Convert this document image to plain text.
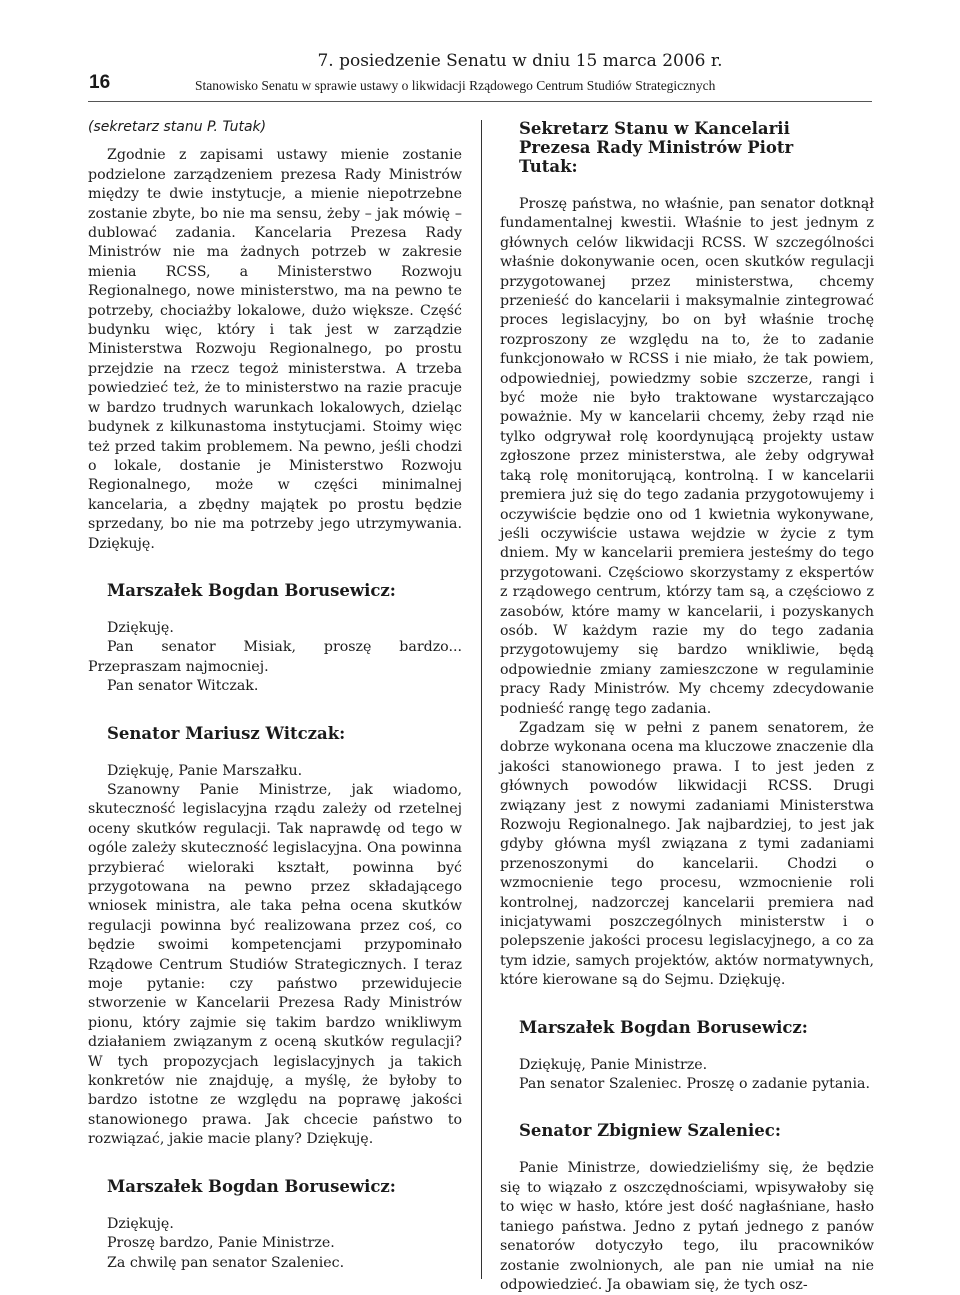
16
7. posiedzenie Senatu w dniu 15 marca 2006 r.
Stanowisko Senatu w sprawie ustawy o likwidacji Rządowego Centrum Studiów Strategicznych

(sekretarz stanu P. Tutak)

Zgodnie z zapisami ustawy mienie zostanie podzielone zarządzeniem prezesa Rady Ministrów między te dwie instytucje, a mienie niepotrzebne zostanie zbyte, bo nie ma sensu, żeby – jak mówię – dublować zadania. Kancelaria Prezesa Rady Ministrów nie ma żadnych potrzeb w zakresie mienia RCSS, a Ministerstwo Rozwoju Regionalnego, nowe ministerstwo, ma na pewno te potrzeby, chociażby lokalowe, dużo większe. Część budynku więc, który i tak jest w zarządzie Ministerstwa Rozwoju Regionalnego, po prostu przejdzie na rzecz tegoż ministerstwa. A trzeba powiedzieć też, że to ministerstwo na razie pracuje w bardzo trudnych warunkach lokalowych, dzieląc budynek z kilkunastoma instytucjami. Stoimy więc też przed takim problemem. Na pewno, jeśli chodzi o lokale, dostanie je Ministerstwo Rozwoju Regionalnego, może w części minimalnej kancelaria, a zbędny majątek po prostu będzie sprzedany, bo nie ma potrzeby jego utrzymywania. Dziękuję.

Marszałek Bogdan Borusewicz:

Dziękuję.

Pan senator Misiak, proszę bardzo... Przepraszam najmocniej.

Pan senator Witczak.

Senator Mariusz Witczak:

Dziękuję, Panie Marszałku.

Szanowny Panie Ministrze, jak wiadomo, skuteczność legislacyjna rządu zależy od rzetelnej oceny skutków regulacji. Tak naprawdę od tego w ogóle zależy skuteczność legislacyjna. Ona powinna przybierać wieloraki kształt, powinna być przygotowana na pewno przez składającego wniosek ministra, ale taka pełna ocena skutków regulacji powinna być realizowana przez coś, co będzie swoimi kompetencjami przypominało Rządowe Centrum Studiów Strategicznych. I teraz moje pytanie: czy państwo przewidujecie stworzenie w Kancelarii Prezesa Rady Ministrów pionu, który zajmie się takim bardzo wnikliwym działaniem związanym z oceną skutków regulacji? W tych propozycjach legislacyjnych ja takich konkretów nie znajduję, a myślę, że byłoby to bardzo istotne ze względu na poprawę jakości stanowionego prawa. Jak chcecie państwo to rozwiązać, jakie macie plany? Dziękuję.

Marszałek Bogdan Borusewicz:

Dziękuję.

Proszę bardzo, Panie Ministrze.

Za chwilę pan senator Szaleniec.

Sekretarz Stanu w Kancelarii Prezesa Rady Ministrów Piotr Tutak:

Proszę państwa, no właśnie, pan senator dotknął fundamentalnej kwestii. Właśnie to jest jednym z głównych celów likwidacji RCSS. W szczególności właśnie dokonywanie ocen, ocen skutków regulacji przygotowanej przez ministerstwa, chcemy przenieść do kancelarii i maksymalnie zintegrować proces legislacyjny, bo on był właśnie trochę rozproszony ze względu na to, że to zadanie funkcjonowało w RCSS i nie miało, że tak powiem, odpowiedniej, powiedzmy sobie szczerze, rangi i być może nie było traktowane wystarczająco poważnie. My w kancelarii chcemy, żeby rząd nie tylko odgrywał rolę koordynującą projekty ustaw zgłoszone przez ministerstwa, ale żeby odgrywał taką rolę monitorującą, kontrolną. I w kancelarii premiera już się do tego zadania przygotowujemy i oczywiście będzie ono od 1 kwietnia wykonywane, jeśli oczywiście ustawa wejdzie w życie z tym dniem. My w kancelarii premiera jesteśmy do tego przygotowani. Częściowo skorzystamy z ekspertów z rządowego centrum, którzy tam są, a częściowo z zasobów, które mamy w kancelarii, i pozyskanych osób. W każdym razie my do tego zadania przygotowujemy się bardzo wnikliwie, będą odpowiednie zmiany zamieszczone w regulaminie pracy Rady Ministrów. My chcemy zdecydowanie podnieść rangę tego zadania.

Zgadzam się w pełni z panem senatorem, że dobrze wykonana ocena ma kluczowe znaczenie dla jakości stanowionego prawa. I to jest jeden z głównych powodów likwidacji RCSS. Drugi związany jest z nowymi zadaniami Ministerstwa Rozwoju Regionalnego. Jak najbardziej, to jest jak gdyby główna myśl związana z tymi zadaniami przenoszonymi do kancelarii. Chodzi o wzmocnienie tego procesu, wzmocnienie roli kontrolnej, nadzorczej kancelarii premiera nad inicjatywami poszczególnych ministerstw i o polepszenie jakości procesu legislacyjnego, a co za tym idzie, samych projektów, aktów normatywnych, które kierowane są do Sejmu. Dziękuję.

Marszałek Bogdan Borusewicz:

Dziękuję, Panie Ministrze.

Pan senator Szaleniec. Proszę o zadanie pytania.

Senator Zbigniew Szaleniec:

Panie Ministrze, dowiedzieliśmy się, że będzie się to wiązało z oszczędnościami, wpisywałoby się to więc w hasło, które jest dość nagłaśniane, hasło taniego państwa. Jedno z pytań jednego z panów senatorów dotyczyło tego, ilu pracowników zostanie zwolnionych, ale pan nie umiał na nie odpowiedzieć. Ja obawiam się, że tych osz-
